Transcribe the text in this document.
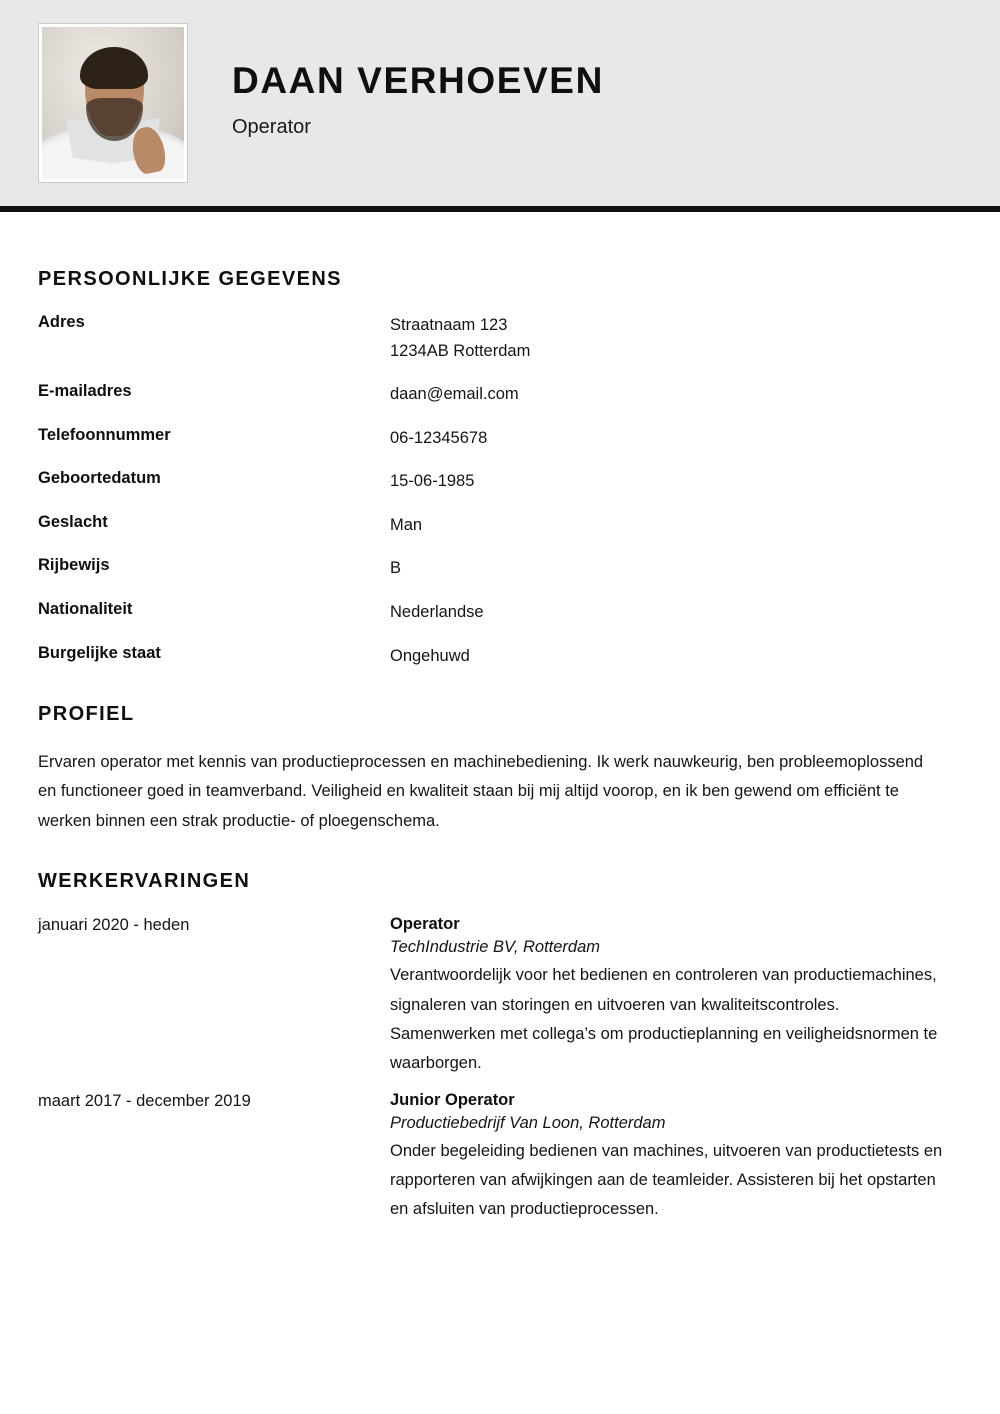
DAAN VERHOEVEN

Operator

PERSOONLIJKE GEGEVENS
Adres	Straatnaam 123
1234AB Rotterdam
E-mailadres	daan@email.com
Telefoonnummer	06-12345678
Geboortedatum	15-06-1985
Geslacht	Man
Rijbewijs	B
Nationaliteit	Nederlandse
Burgelijke staat	Ongehuwd
PROFIEL

Ervaren operator met kennis van productieprocessen en machinebediening. Ik werk nauwkeurig, ben probleemoplossend en functioneer goed in teamverband. Veiligheid en kwaliteit staan bij mij altijd voorop, en ik ben gewend om efficiënt te werken binnen een strak productie- of ploegenschema.

WERKERVARINGEN
januari 2020 - heden	Operator
TechIndustrie BV, Rotterdam
Verantwoordelijk voor het bedienen en controleren van productiemachines, signaleren van storingen en uitvoeren van kwaliteitscontroles. Samenwerken met collega’s om productieplanning en veiligheidsnormen te waarborgen.
maart 2017 - december 2019	Junior Operator
Productiebedrijf Van Loon, Rotterdam
Onder begeleiding bedienen van machines, uitvoeren van productietests en rapporteren van afwijkingen aan de teamleider. Assisteren bij het opstarten en afsluiten van productieprocessen.
